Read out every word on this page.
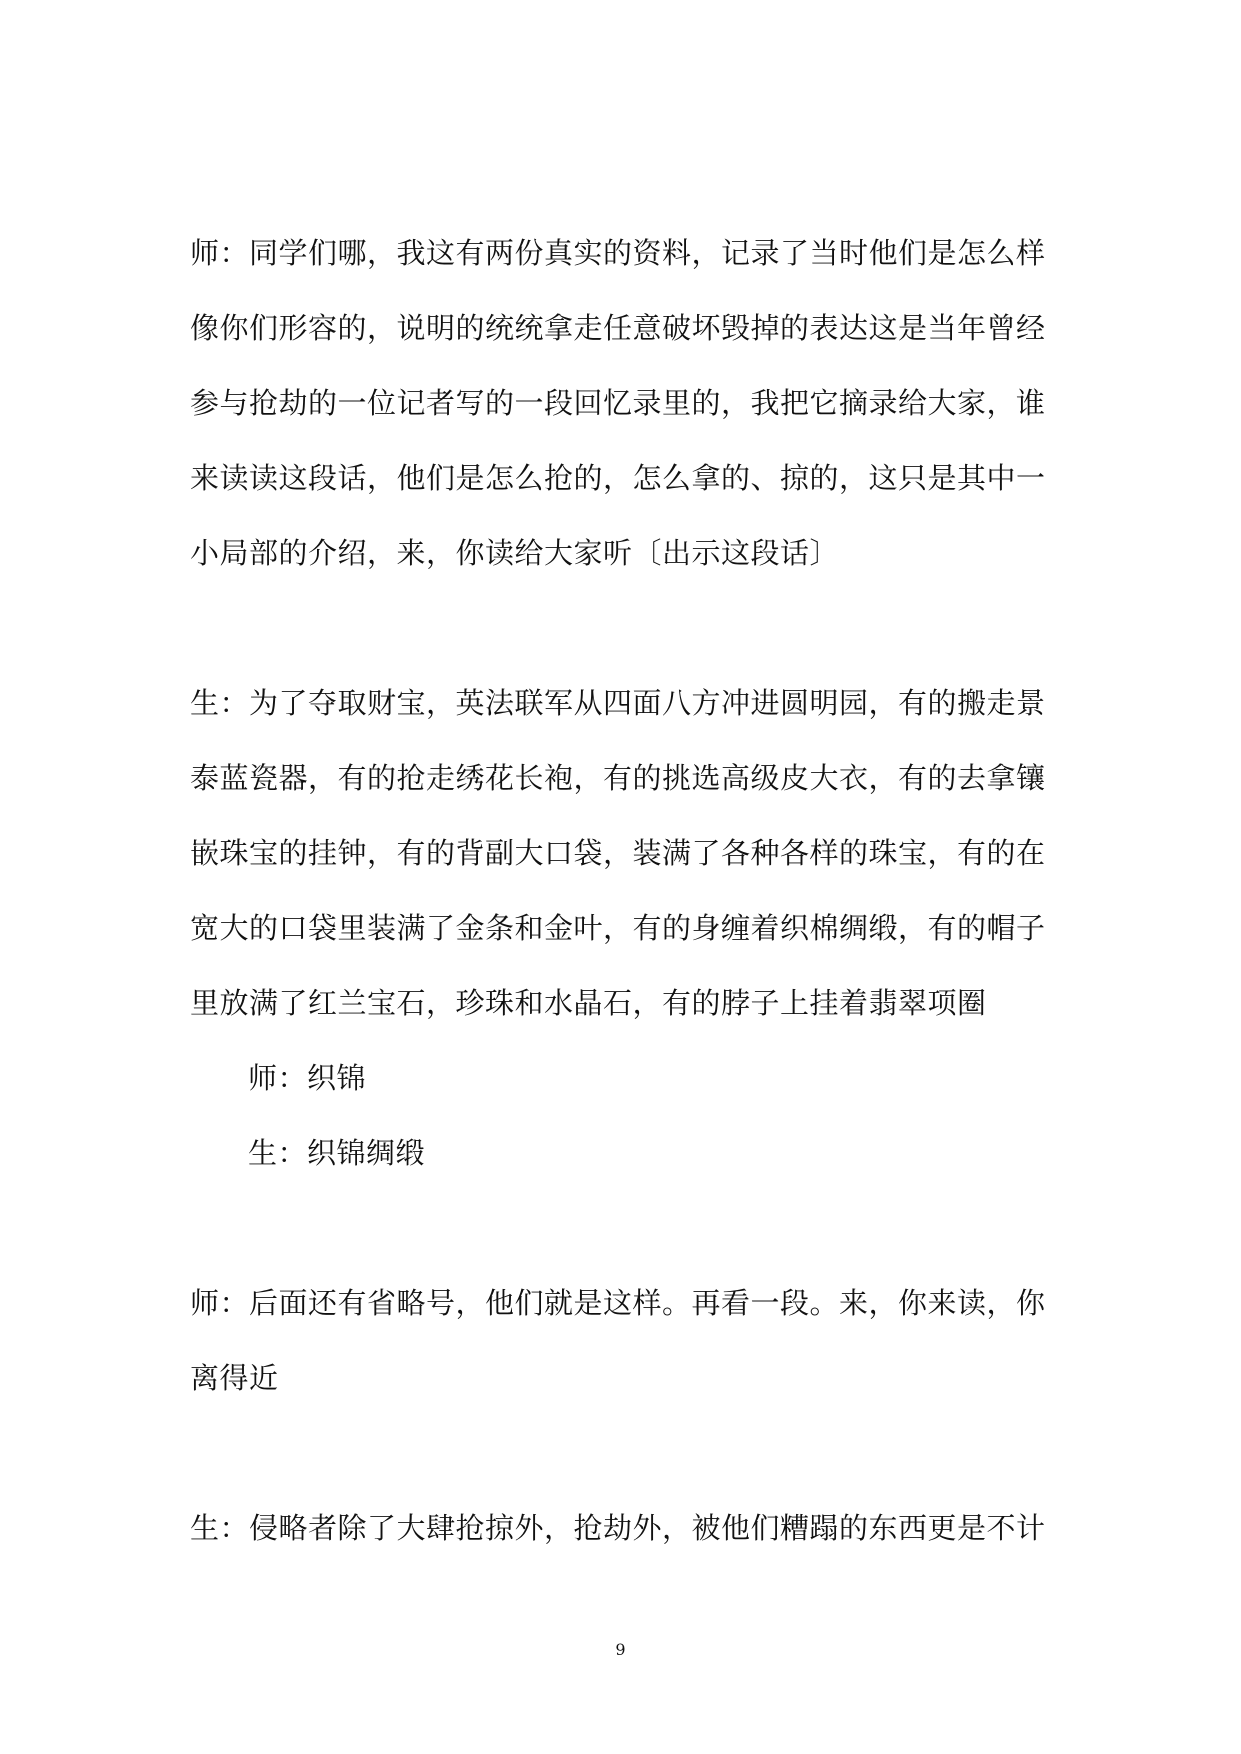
师：同学们哪，我这有两份真实的资料，记录了当时他们是怎么样
像你们形容的，说明的统统拿走任意破坏毁掉的表达这是当年曾经
参与抢劫的一位记者写的一段回忆录里的，我把它摘录给大家，谁
来读读这段话，他们是怎么抢的，怎么拿的、掠的，这只是其中一
小局部的介绍，来，你读给大家听〔出示这段话〕
生：为了夺取财宝，英法联军从四面八方冲进圆明园，有的搬走景
泰蓝瓷器，有的抢走绣花长袍，有的挑选高级皮大衣，有的去拿镶
嵌珠宝的挂钟，有的背副大口袋，装满了各种各样的珠宝，有的在
宽大的口袋里装满了金条和金叶，有的身缠着织棉绸缎，有的帽子
里放满了红兰宝石，珍珠和水晶石，有的脖子上挂着翡翠项圈
师：织锦
生：织锦绸缎
师：后面还有省略号，他们就是这样。再看一段。来，你来读，你
离得近
生：侵略者除了大肆抢掠外，抢劫外，被他们糟蹋的东西更是不计
9
